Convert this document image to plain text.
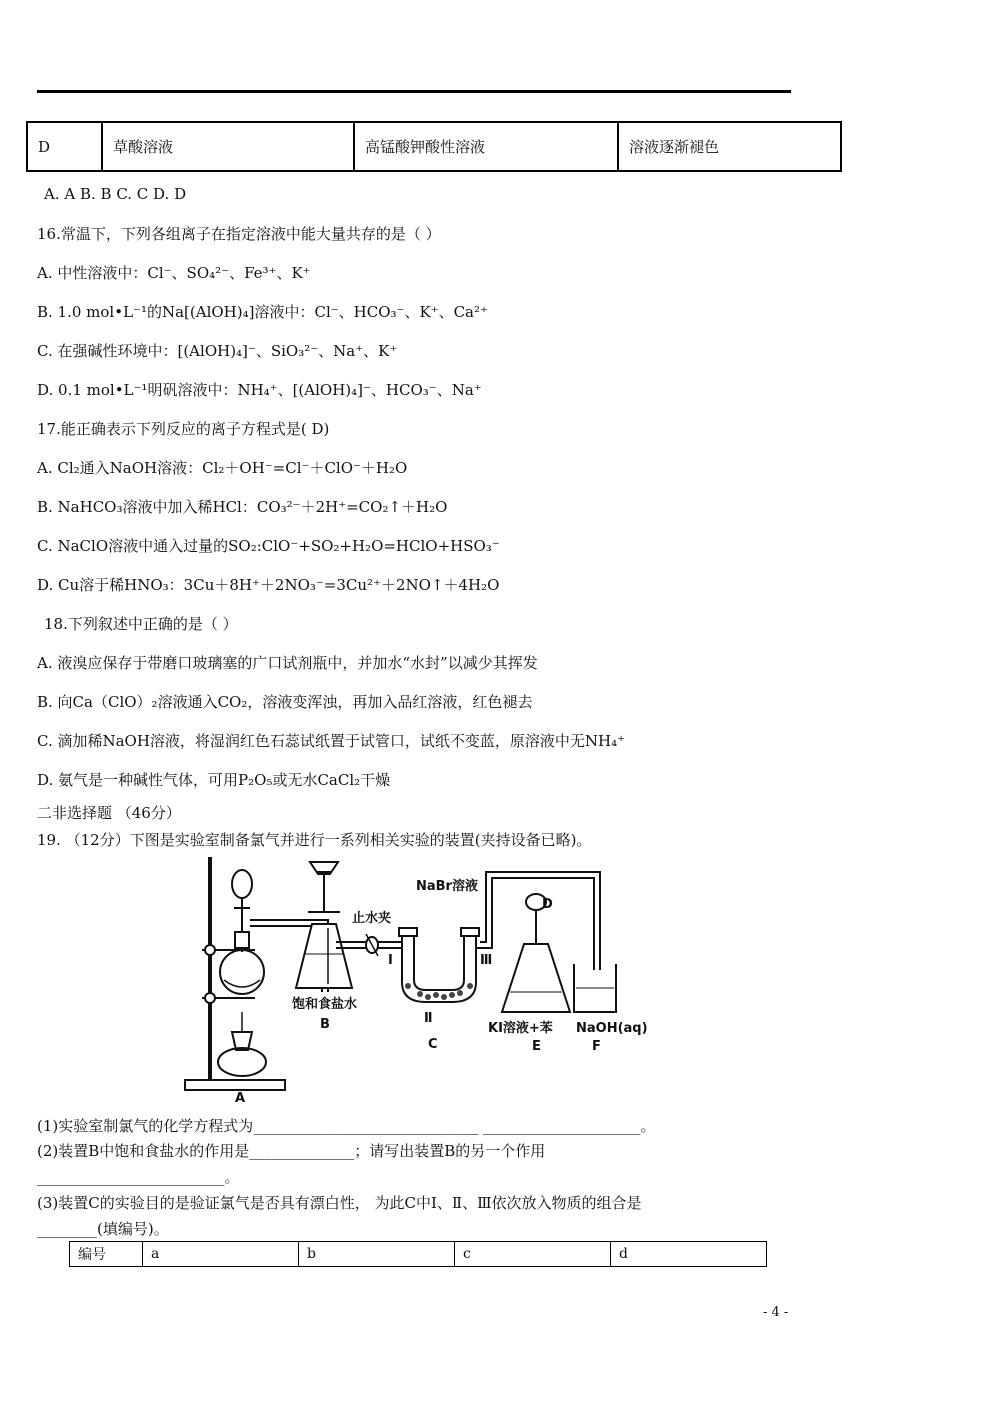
D	草酸溶液	高锰酸钾酸性溶液	溶液逐渐褪色
A. A B. B C. C D. D
16.常温下，下列各组离子在指定溶液中能大量共存的是（ ）
A. 中性溶液中：Cl⁻、SO₄²⁻、Fe³⁺、K⁺
B. 1.0 mol•L⁻¹的Na[(AlOH)₄]溶液中：Cl⁻、HCO₃⁻、K⁺、Ca²⁺
C. 在强碱性环境中：[(AlOH)₄]⁻、SiO₃²⁻、Na⁺、K⁺
D. 0.1 mol•L⁻¹明矾溶液中：NH₄⁺、[(AlOH)₄]⁻、HCO₃⁻、Na⁺
17.能正确表示下列反应的离子方程式是( D)
A. Cl₂通入NaOH溶液：Cl₂＋OH⁻=Cl⁻＋ClO⁻＋H₂O
B. NaHCO₃溶液中加入稀HCl：CO₃²⁻＋2H⁺=CO₂↑＋H₂O
C. NaClO溶液中通入过量的SO₂:ClO⁻+SO₂+H₂O=HClO+HSO₃⁻
D. Cu溶于稀HNO₃：3Cu＋8H⁺＋2NO₃⁻=3Cu²⁺＋2NO↑＋4H₂O
18.下列叙述中正确的是（ ）
A. 液溴应保存于带磨口玻璃塞的广口试剂瓶中，并加水“水封”以减少其挥发
B. 向Ca（ClO）₂溶液通入CO₂，溶液变浑浊，再加入品红溶液，红色褪去
C. 滴加稀NaOH溶液，将湿润红色石蕊试纸置于试管口，试纸不变蓝，原溶液中无NH₄⁺
D. 氨气是一种碱性气体，可用P₂O₅或无水CaCl₂干燥
二非选择题 （46分）
19. （12分）下图是实验室制备氯气并进行一系列相关实验的装置(夹持设备已略)。
A
饱和食盐水
B
止水夹
Ⅰ
Ⅱ
Ⅲ
C
NaBr溶液
D
KI溶液+苯
E
NaOH(aq)
F
(1)实验室制氯气的化学方程式为______________________________ _____________________。
(2)装置B中饱和食盐水的作用是______________；请写出装置B的另一个作用
_________________________。
(3)装置C的实验目的是验证氯气是否具有漂白性， 为此C中Ⅰ、Ⅱ、Ⅲ依次放入物质的组合是
________(填编号)。
编号	a	b	c	d
- 4 -
